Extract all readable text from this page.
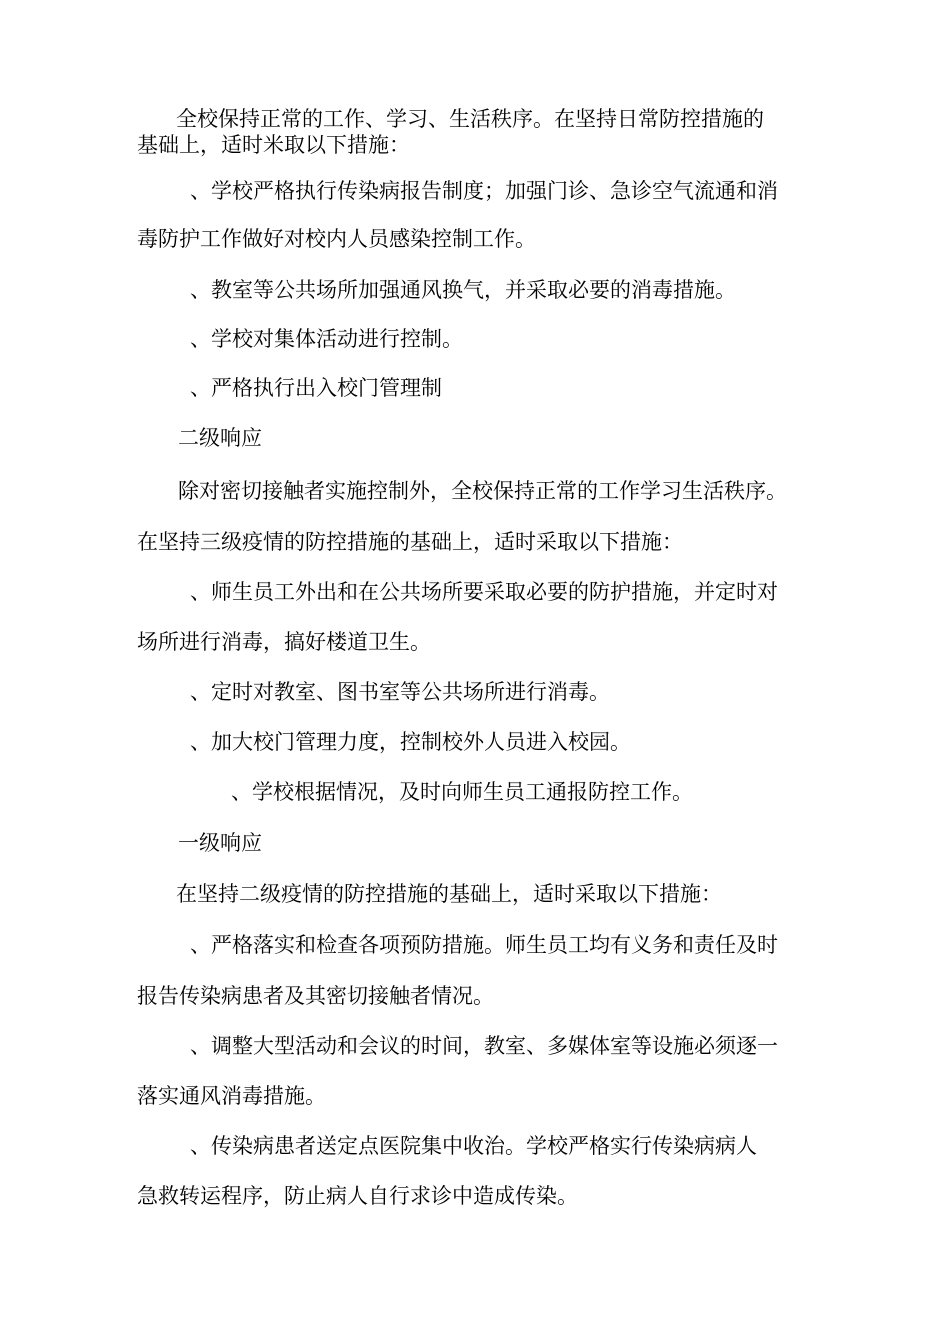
全校保持正常的工作、学习、生活秩序。在坚持日常防控措施的
基础上，适时米取以下措施：
、学校严格执行传染病报告制度；加强门诊、急诊空气流通和消
毒防护工作做好对校内人员感染控制工作。
、教室等公共场所加强通风换气，并采取必要的消毒措施。
、学校对集体活动进行控制。
、严格执行出入校门管理制
二级响应
除对密切接触者实施控制外，全校保持正常的工作学习生活秩序。
在坚持三级疫情的防控措施的基础上，适时采取以下措施：
、师生员工外出和在公共场所要采取必要的防护措施，并定时对
场所进行消毒，搞好楼道卫生。
、定时对教室、图书室等公共场所进行消毒。
、加大校门管理力度，控制校外人员进入校园。
、学校根据情况，及时向师生员工通报防控工作。
一级响应
在坚持二级疫情的防控措施的基础上，适时采取以下措施：
、严格落实和检查各项预防措施。师生员工均有义务和责任及时
报告传染病患者及其密切接触者情况。
、调整大型活动和会议的时间，教室、多媒体室等设施必须逐一
落实通风消毒措施。
、传染病患者送定点医院集中收治。学校严格实行传染病病人
急救转运程序，防止病人自行求诊中造成传染。
